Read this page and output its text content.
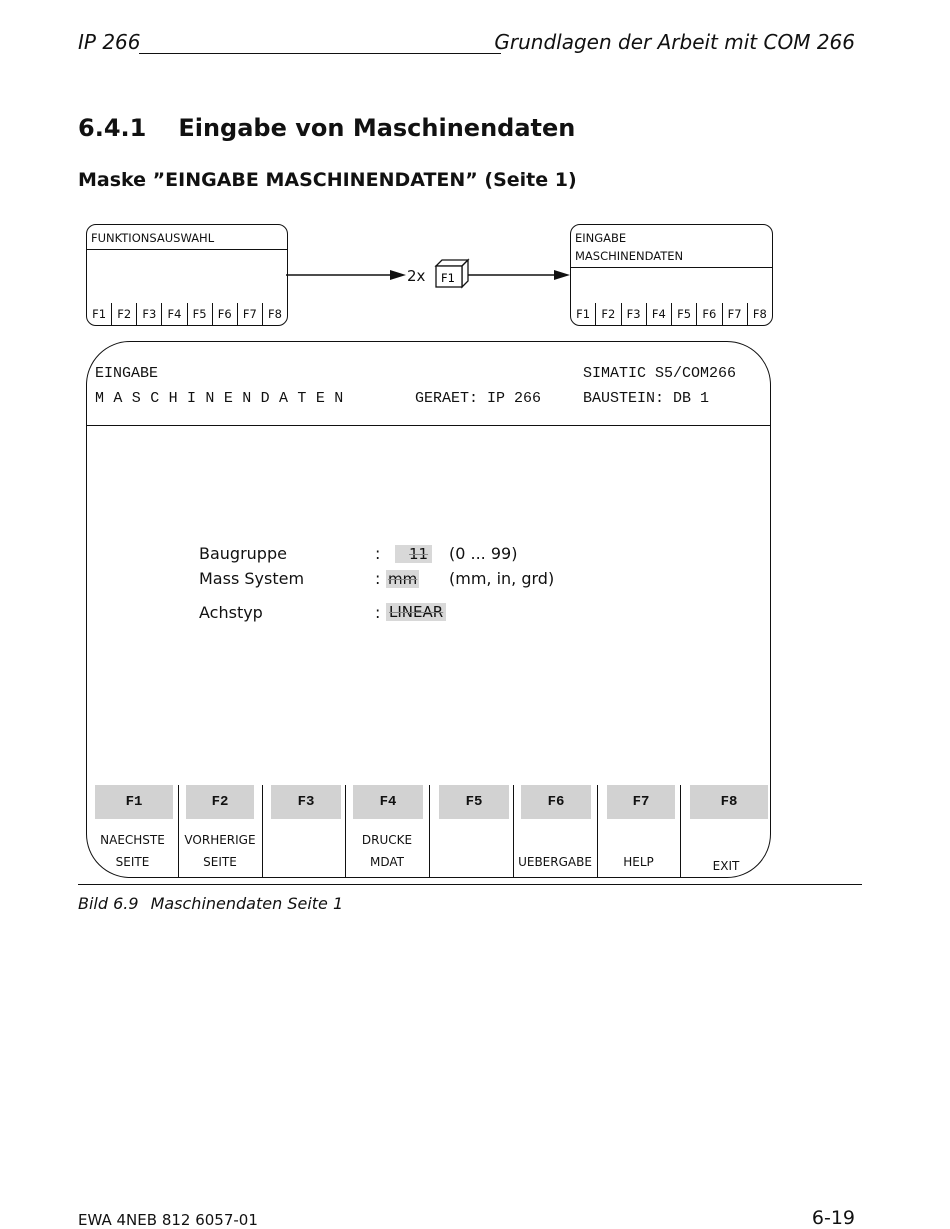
IP 266	Grundlagen der Arbeit mit COM 266
6.4.1 Eingabe von Maschinendaten
Maske ”EINGABE MASCHINENDATEN” (Seite 1)
FUNKTIONSAUSWAHL
F1 F2 F3 F4 F5 F6 F7 F8
F1
2x
EINGABE
MASCHINENDATEN
F1 F2 F3 F4 F5 F6 F7 F8
EINGABE
M A S C H I N E N D A T E N	GERAET: IP 266
SIMATIC S5/COM266
BAUSTEIN: DB 1
Baugruppe	:	11 (0 ... 99)
Mass System	: mm (mm, in, grd)
Achstyp	: LINEAR
F1
NAECHSTE
SEITE
F2
VORHERIGE
SEITE
F3	F4
DRUCKE
MDAT
F5	F6
UEBERGABE
F7
HELP
F8
EXIT
Bild 6.9 Maschinendaten Seite 1
EWA 4NEB 812 6057-01	6-19
